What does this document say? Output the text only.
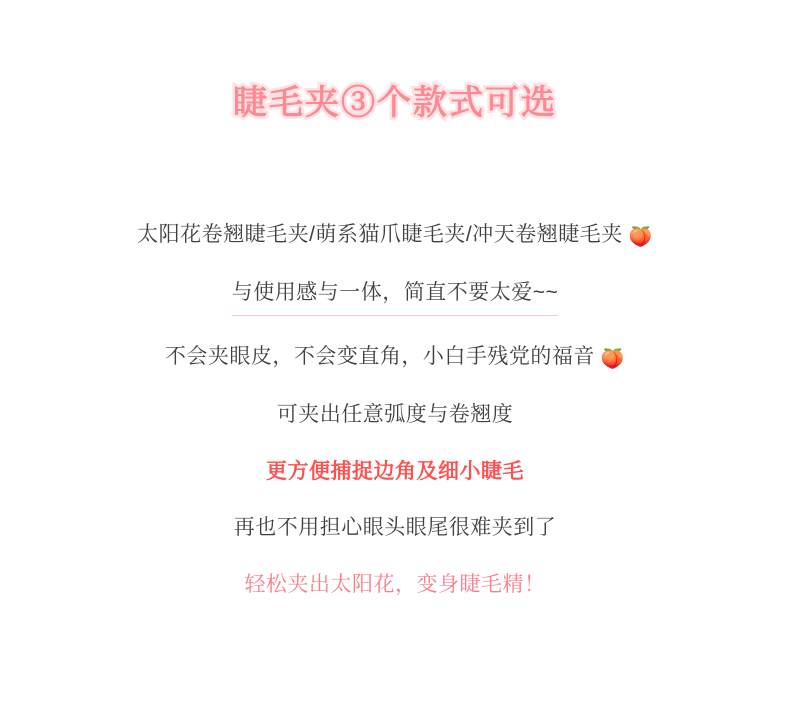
睫毛夹③个款式可选

太阳花卷翘睫毛夹/萌系猫爪睫毛夹/冲天卷翘睫毛夹 🍑

与使用感与一体，简直不要太爱~~

不会夹眼皮，不会变直角，小白手残党的福音 🍑

可夹出任意弧度与卷翘度

更方便捕捉边角及细小睫毛

再也不用担心眼头眼尾很难夹到了

轻松夹出太阳花，变身睫毛精！
